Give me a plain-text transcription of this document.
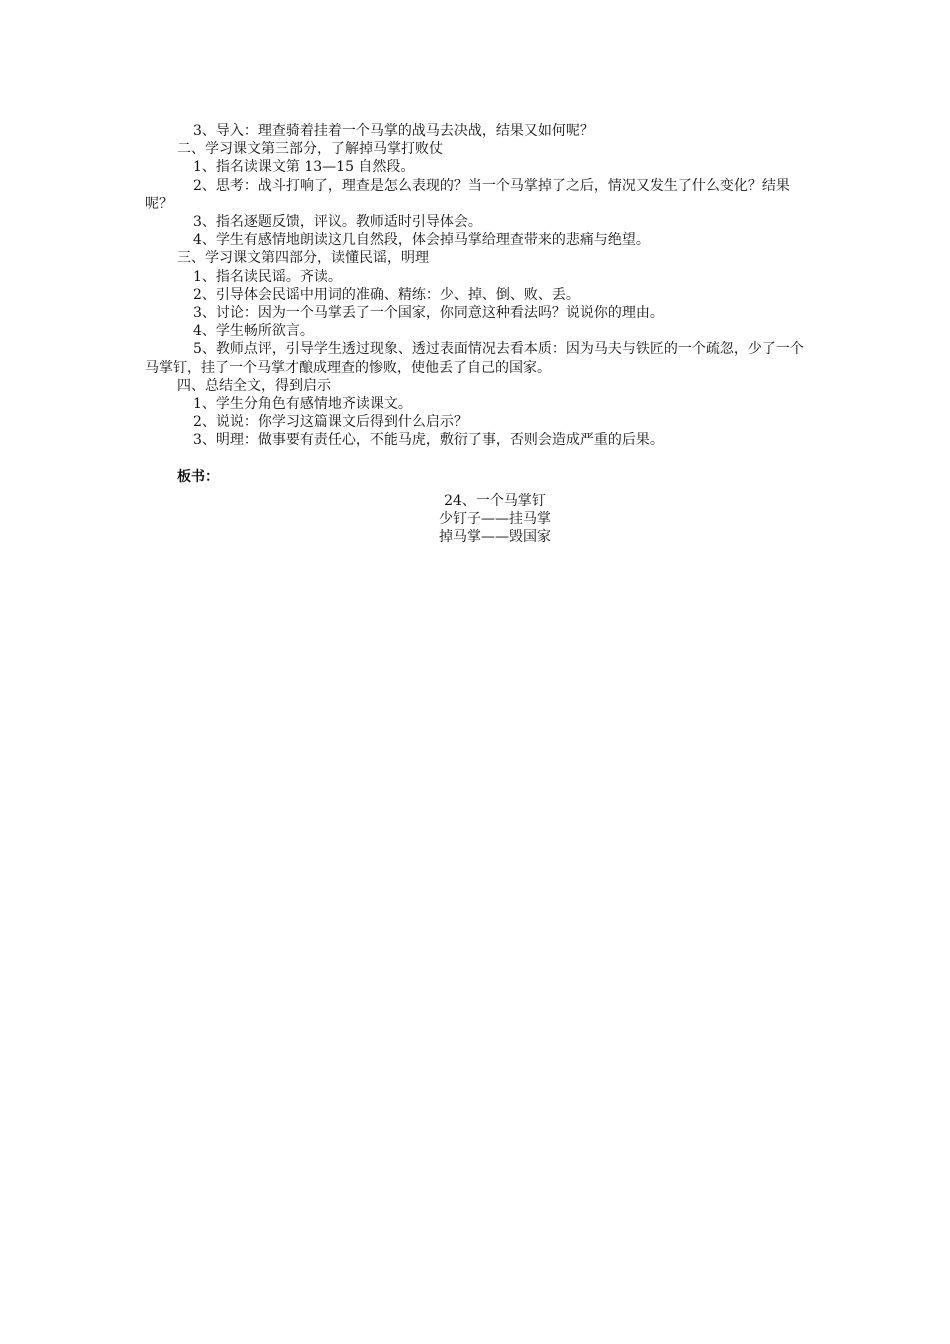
3、导入：理查骑着挂着一个马掌的战马去决战，结果又如何呢？

二、学习课文第三部分，了解掉马掌打败仗

1、指名读课文第 13—15 自然段。

2、思考：战斗打响了，理查是怎么表现的？当一个马掌掉了之后，情况又发生了什么变化？结果呢？

3、指名逐题反馈，评议。教师适时引导体会。

4、学生有感情地朗读这几自然段，体会掉马掌给理查带来的悲痛与绝望。

三、学习课文第四部分，读懂民谣，明理

1、指名读民谣。齐读。

2、引导体会民谣中用词的准确、精练：少、掉、倒、败、丢。

3、讨论：因为一个马掌丢了一个国家，你同意这种看法吗？说说你的理由。

4、学生畅所欲言。

5、教师点评，引导学生透过现象、透过表面情况去看本质：因为马夫与铁匠的一个疏忽，少了一个马掌钉，挂了一个马掌才酿成理查的惨败，使他丢了自己的国家。

四、总结全文，得到启示

1、学生分角色有感情地齐读课文。

2、说说：你学习这篇课文后得到什么启示？

3、明理：做事要有责任心，不能马虎，敷衍了事，否则会造成严重的后果。

板书：

24、一个马掌钉

少钉子——挂马掌

掉马掌——毁国家
